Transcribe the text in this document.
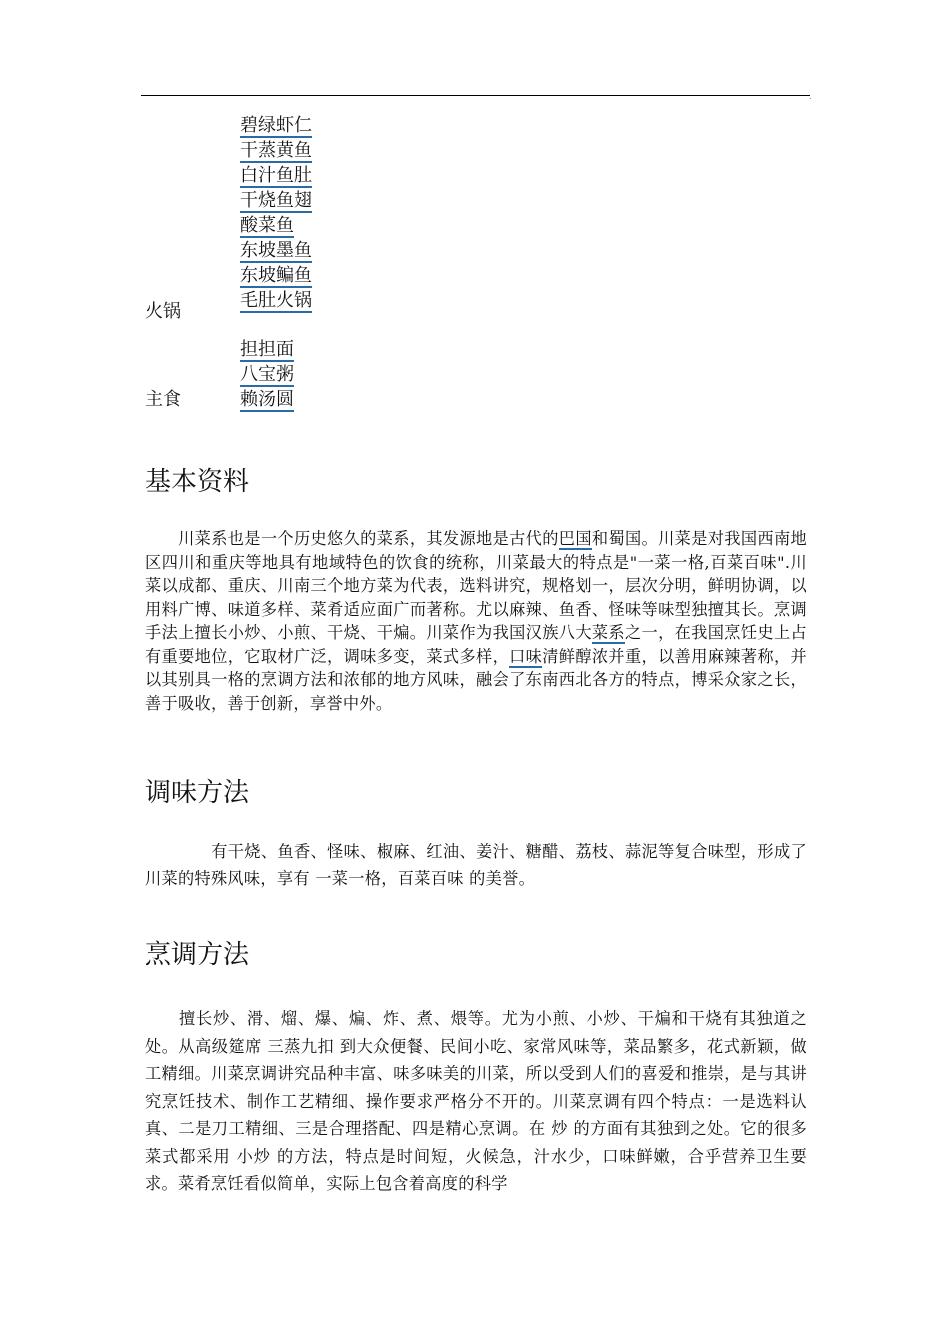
.
碧绿虾仁
干蒸黄鱼
白汁鱼肚
干烧鱼翅
酸菜鱼
东坡墨鱼
东坡鳊鱼
毛肚火锅
火锅
主食
担担面
八宝粥
赖汤圆
基本资料

　　川菜系也是一个历史悠久的菜系，其发源地是古代的巴国和蜀国。川菜是对我国西南地区四川和重庆等地具有地域特色的饮食的统称，川菜最大的特点是"一菜一格,百菜百味".川菜以成都、重庆、川南三个地方菜为代表，选料讲究，规格划一，层次分明，鲜明协调，以用料广博、味道多样、菜肴适应面广而著称。尤以麻辣、鱼香、怪味等味型独擅其长。烹调手法上擅长小炒、小煎、干烧、干煸。川菜作为我国汉族八大菜系之一，在我国烹饪史上占有重要地位，它取材广泛，调味多变，菜式多样，口味清鲜醇浓并重，以善用麻辣著称，并以其别具一格的烹调方法和浓郁的地方风味，融会了东南西北各方的特点，博采众家之长，善于吸收，善于创新，享誉中外。

调味方法

　　　　有干烧、鱼香、怪味、椒麻、红油、姜汁、糖醋、荔枝、蒜泥等复合味型，形成了川菜的特殊风味，享有 一菜一格，百菜百味 的美誉。

烹调方法

　　擅长炒、滑、熘、爆、煸、炸、煮、煨等。尤为小煎、小炒、干煸和干烧有其独道之处。从高级筵席 三蒸九扣 到大众便餐、民间小吃、家常风味等，菜品繁多，花式新颖，做工精细。川菜烹调讲究品种丰富、味多味美的川菜，所以受到人们的喜爱和推崇，是与其讲究烹饪技术、制作工艺精细、操作要求严格分不开的。川菜烹调有四个特点：一是选料认真、二是刀工精细、三是合理搭配、四是精心烹调。在 炒 的方面有其独到之处。它的很多菜式都采用 小炒 的方法，特点是时间短，火候急，汁水少，口味鲜嫩，合乎营养卫生要求。菜肴烹饪看似简单，实际上包含着高度的科学
